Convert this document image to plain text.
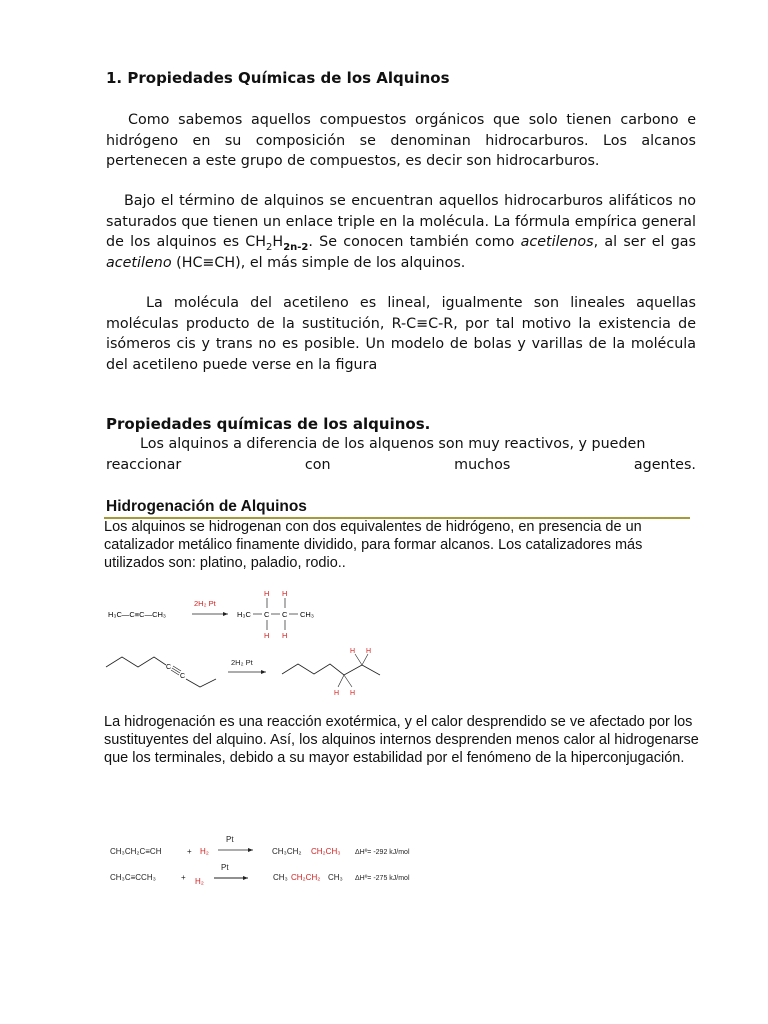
1. Propiedades Químicas de los Alquinos

Como sabemos aquellos compuestos orgánicos que solo tienen carbono e hidrógeno en su composición se denominan hidrocarburos. Los alcanos pertenecen a este grupo de compuestos, es decir son hidrocarburos.

Bajo el término de alquinos se encuentran aquellos hidrocarburos alifáticos no saturados que tienen un enlace triple en la molécula. La fórmula empírica general de los alquinos es $CH_2H_{2n-2}$. Se conocen también como acetilenos, al ser el gas acetileno (HC≡CH), el más simple de los alquinos.

La molécula del acetileno es lineal, igualmente son lineales aquellas moléculas producto de la sustitución, R-C≡C-R, por tal motivo la existencia de isómeros cis y trans no es posible. Un modelo de bolas y varillas de la molécula del acetileno puede verse en la figura

Propiedades químicas de los alquinos.

Los alquinos a diferencia de los alquenos son muy reactivos, y pueden

reaccionar	con	muchos	agentes.
Hidrogenación de Alquinos

Los alquinos se hidrogenan con dos equivalentes de hidrógeno, en presencia de un catalizador metálico finamente dividido, para formar alcanos. Los catalizadores más utilizados son: platino, paladio, rodio..

H₃C—C≡C—CH₃
2H₂ Pt
H₃C C C CH₃
H H
H H
C
C
2H₂ Pt
H H
H H

La hidrogenación es una reacción exotérmica, y el calor desprendido se ve afectado por los sustituyentes del alquino. Así, los alquinos internos desprenden menos calor al hidrogenarse que los terminales, debido a su mayor estabilidad por el fenómeno de la hiperconjugación.

CH₃CH₂C≡CH	+ H₂
Pt
CH₃CH₂ CH₂CH₃ ΔHº= -292 kJ/mol
CH₃C≡CCH₃	+ H₂
Pt
CH₃ CH₂CH₂ CH₃ ΔHº= -275 kJ/mol
